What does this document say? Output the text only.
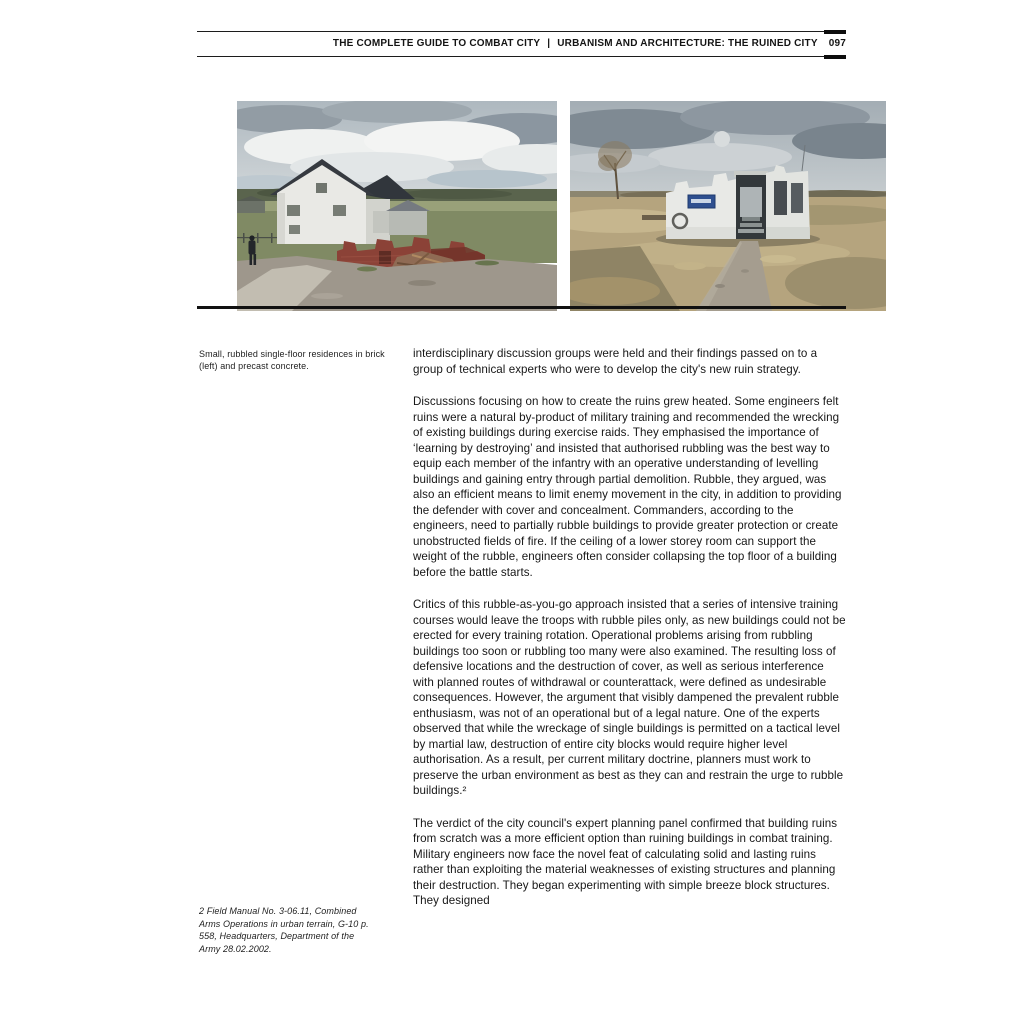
THE COMPLETE GUIDE TO COMBAT CITY | URBANISM AND ARCHITECTURE: THE RUINED CITY 097
Small, rubbled single-floor residences in brick (left) and precast concrete.

interdisciplinary discussion groups were held and their findings passed on to a group of technical experts who were to develop the city's new ruin strategy.

Discussions focusing on how to create the ruins grew heated. Some engineers felt ruins were a natural by-product of military training and recommended the wrecking of existing buildings during exercise raids. They emphasised the importance of ‘learning by destroying’ and insisted that authorised rubbling was the best way to equip each member of the infantry with an operative understanding of levelling buildings and gaining entry through partial demolition. Rubble, they argued, was also an efficient means to limit enemy movement in the city, in addition to providing the defender with cover and concealment. Commanders, according to the engineers, need to partially rubble buildings to provide greater protection or create unobstructed fields of fire. If the ceiling of a lower storey room can support the weight of the rubble, engineers often consider collapsing the top floor of a building before the battle starts.

Critics of this rubble-as-you-go approach insisted that a series of intensive training courses would leave the troops with rubble piles only, as new buildings could not be erected for every training rotation. Operational problems arising from rubbling buildings too soon or rubbling too many were also examined. The resulting loss of defensive locations and the destruction of cover, as well as serious interference with planned routes of withdrawal or counterattack, were defined as undesirable consequences. However, the argument that visibly dampened the prevalent rubble enthusiasm, was not of an operational but of a legal nature. One of the experts observed that while the wreckage of single buildings is permitted on a tactical level by martial law, destruction of entire city blocks would require higher level authorisation. As a result, per current military doctrine, planners must work to preserve the urban environment as best as they can and restrain the urge to rubble buildings.²

The verdict of the city council's expert planning panel confirmed that building ruins from scratch was a more efficient option than ruining buildings in combat training. Military engineers now face the novel feat of calculating solid and lasting ruins rather than exploiting the material weaknesses of existing structures and planning their destruction. They began experimenting with simple breeze block structures. They designed

2 Field Manual No. 3-06.11, Combined Arms Operations in urban terrain, G-10 p. 558, Headquarters, Department of the Army 28.02.2002.
